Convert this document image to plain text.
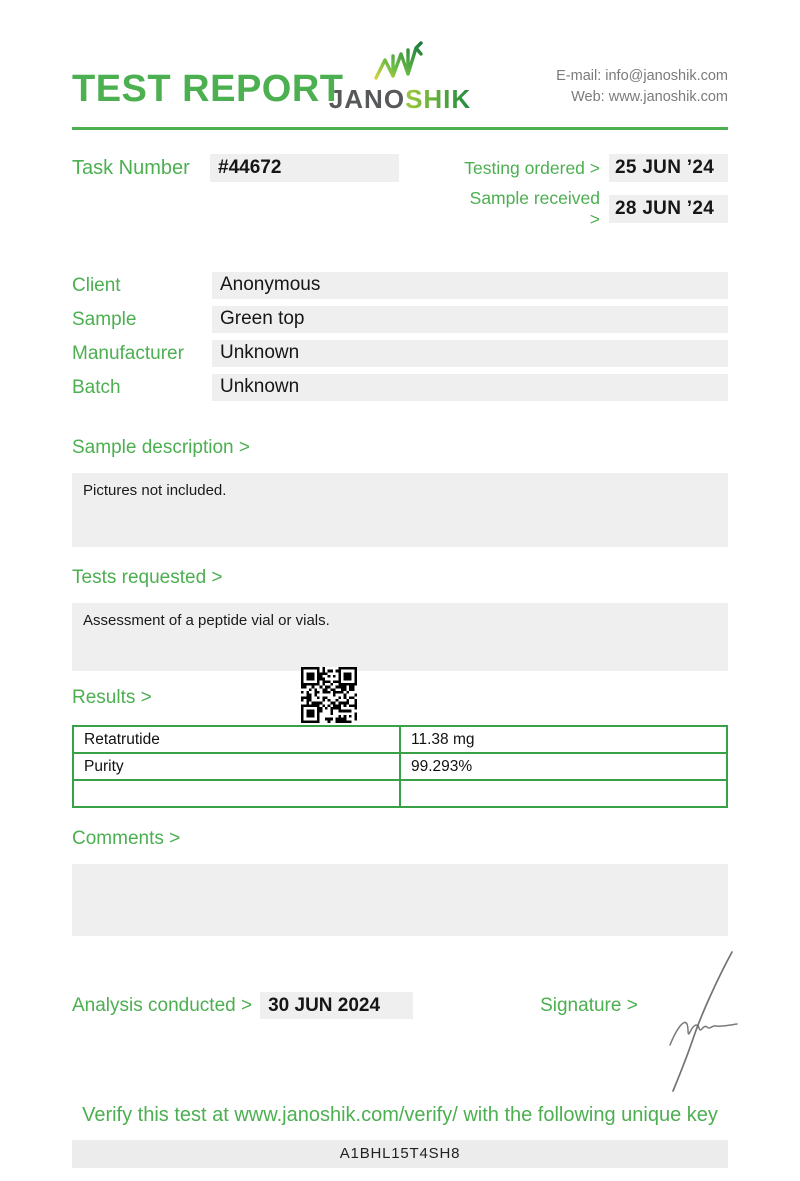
TEST REPORT
JANOSHIK
E-mail: info@janoshik.com
Web: www.janoshik.com
Task Number	#44672	Testing ordered > 25 JUN ’24
Sample received > 28 JUN ’24
Client	Anonymous
Sample	Green top
Manufacturer	Unknown
Batch	Unknown
Sample description >
Pictures not included.
Tests requested >
Assessment of a peptide vial or vials.
Results >
Retatrutide	11.38 mg
Purity	99.293%

Comments >
Analysis conducted > 30 JUN 2024	Signature >
Verify this test at www.janoshik.com/verify/ with the following unique key
A1BHL15T4SH8
